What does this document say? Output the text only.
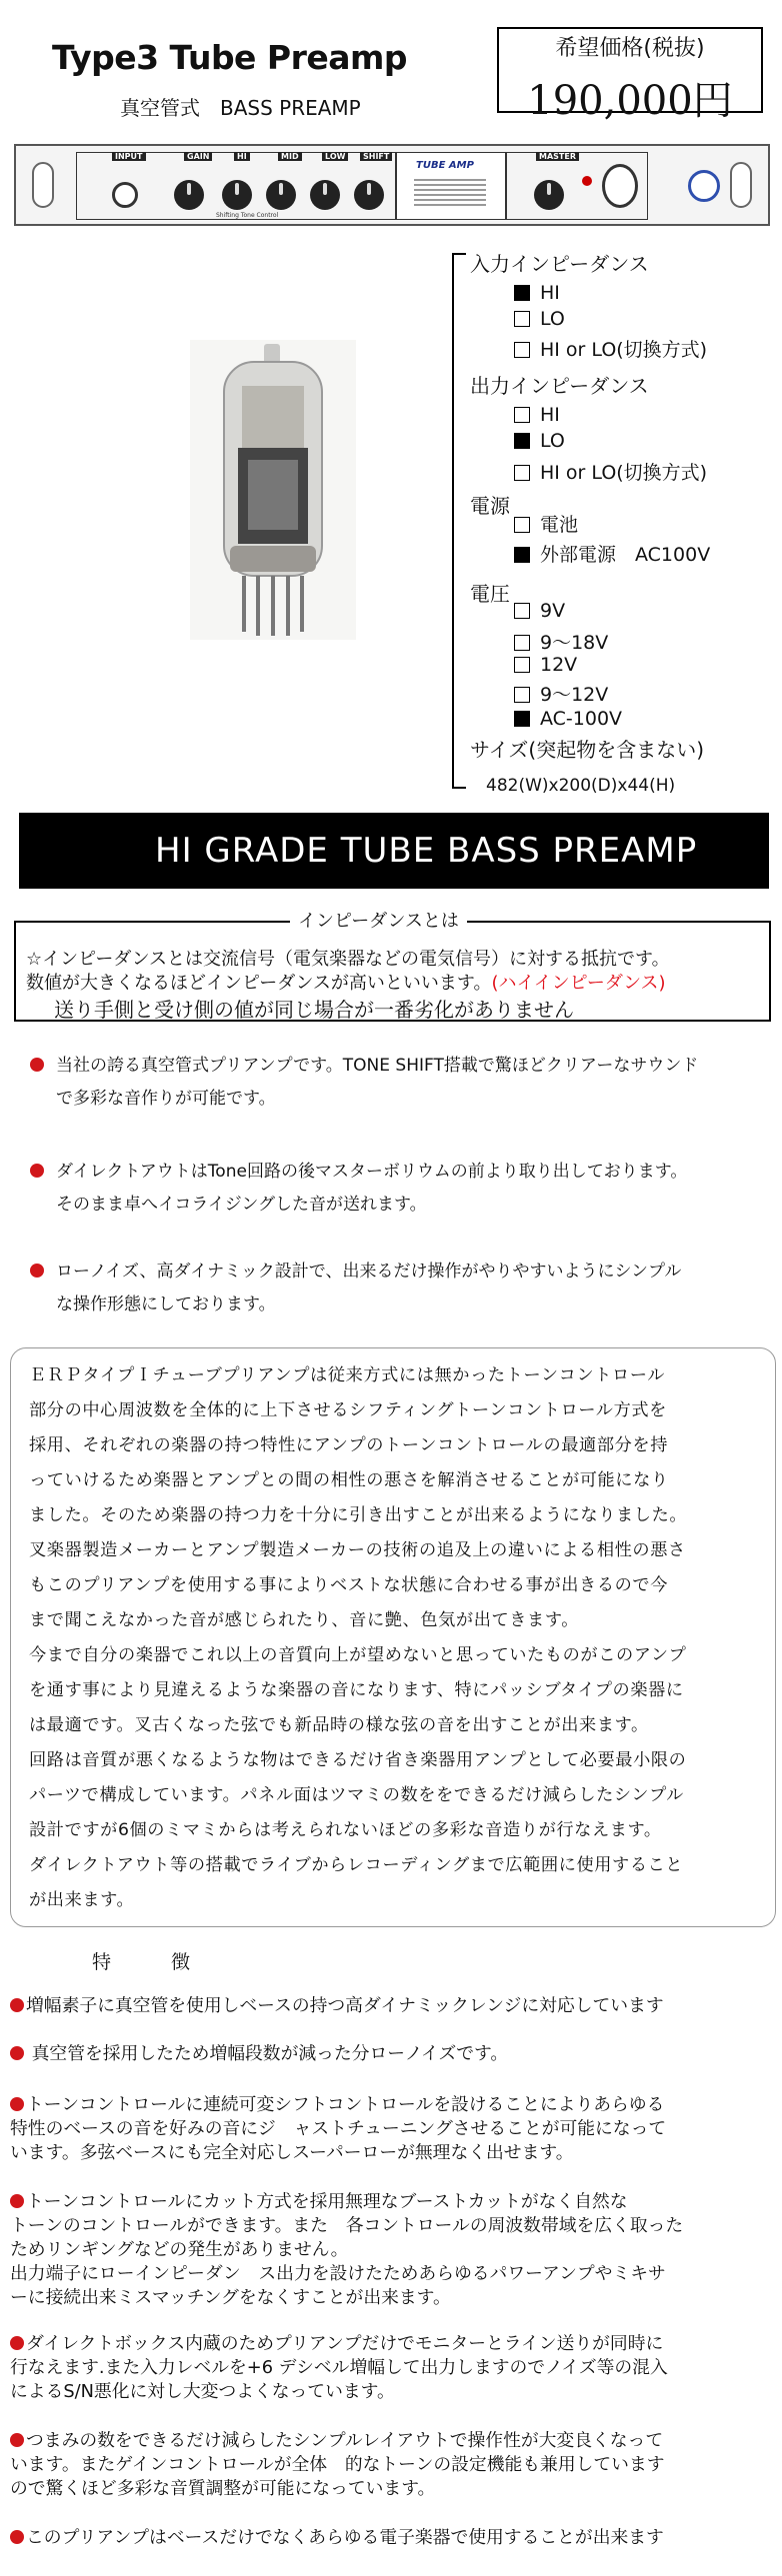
Type3 Tube Preamp
真空管式　BASS PREAMP
希望価格(税抜)
190,000円
INPUT	GAIN	HI	MID	LOW	SHIFT	MASTER
Shifting Tone Control
TUBE AMP
入力インピーダンス
HI
LO
HI or LO(切換方式)
出力インピーダンス
HI
LO
HI or LO(切換方式)
電源
電池
外部電源　AC100V
電圧
9V
9～18V
12V
9～12V
AC-100V
サイズ(突起物を含まない)
482(W)x200(D)x44(H)
HI GRADE TUBE BASS PREAMP
☆インピーダンスとは交流信号（電気楽器などの電気信号）に対する抵抗です。
数値が大きくなるほどインピーダンスが高いといいます。(ハイインピーダンス)
送り手側と受け側の値が同じ場合が一番劣化がありません
インピーダンスとは
当社の誇る真空管式プリアンプです。TONE SHIFT搭載で驚ほどクリアーなサウンド
で多彩な音作りが可能です。
ダイレクトアウトはTone回路の後マスターボリウムの前より取り出しております。
そのまま卓へイコライジングした音が送れます。
ローノイズ、高ダイナミック設計で、出来るだけ操作がやりやすいようにシンプル
な操作形態にしております。
ＥＲＰタイプＩチューブプリアンプは従来方式には無かったトーンコントロール
部分の中心周波数を全体的に上下させるシフティングトーンコントロール方式を
採用、それぞれの楽器の持つ特性にアンプのトーンコントロールの最適部分を持
っていけるため楽器とアンプとの間の相性の悪さを解消させることが可能になり
ました。そのため楽器の持つ力を十分に引き出すことが出来るようになりました。
叉楽器製造メーカーとアンプ製造メーカーの技術の追及上の違いによる相性の悪さ
もこのプリアンプを使用する事によりベストな状態に合わせる事が出きるので今
まで聞こえなかった音が感じられたり、音に艶、色気が出てきます。
今まで自分の楽器でこれ以上の音質向上が望めないと思っていたものがこのアンプ
を通す事により見違えるような楽器の音になります、特にパッシブタイプの楽器に
は最適です。叉古くなった弦でも新品時の様な弦の音を出すことが出来ます。
回路は音質が悪くなるような物はできるだけ省き楽器用アンプとして必要最小限の
パーツで構成しています。パネル面はツマミの数ををできるだけ減らしたシンプル
設計ですが6個のミマミからは考えられないほどの多彩な音造りが行なえます。
ダイレクトアウト等の搭載でライブからレコーディングまで広範囲に使用すること
が出来ます。
特徴
増幅素子に真空管を使用しベースの持つ高ダイナミックレンジに対応しています
真空管を採用したため増幅段数が減った分ローノイズです。
トーンコントロールに連続可変シフトコントロールを設けることによりあらゆる
特性のベースの音を好みの音にジ　ャストチューニングさせることが可能になって
います。多弦ベースにも完全対応しスーパーローが無理なく出せます。
トーンコントロールにカット方式を採用無理なブーストカットがなく自然な
トーンのコントロールができます。また　各コントロールの周波数帯域を広く取った
ためリンギングなどの発生がありません。
出力端子にローインピーダン　ス出力を設けたためあらゆるパワーアンプやミキサ
ーに接続出来ミスマッチングをなくすことが出来ます。
ダイレクトボックス内蔵のためプリアンプだけでモニターとライン送りが同時に
行なえます.また入力レベルを+6 デシベル増幅して出力しますのでノイズ等の混入
によるS/N悪化に対し大変つよくなっています。
つまみの数をできるだけ減らしたシンプルレイアウトで操作性が大変良くなって
います。またゲインコントロールが全体　的なトーンの設定機能も兼用しています
ので驚くほど多彩な音質調整が可能になっています。
このプリアンプはベースだけでなくあらゆる電子楽器で使用することが出来ます
